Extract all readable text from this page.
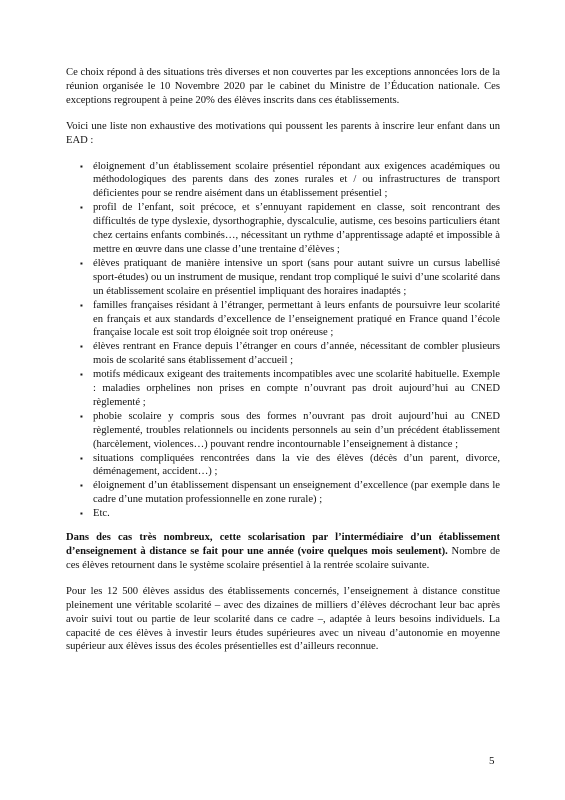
Ce choix répond à des situations très diverses et non couvertes par les exceptions annoncées lors de la réunion organisée le 10 Novembre 2020 par le cabinet du Ministre de l’Éducation nationale. Ces exceptions regroupent à peine 20% des élèves inscrits dans ces établissements.

Voici une liste non exhaustive des motivations qui poussent les parents à inscrire leur enfant dans un EAD :

▪ éloignement d’un établissement scolaire présentiel répondant aux exigences académiques ou méthodologiques des parents dans des zones rurales et / ou infrastructures de transport déficientes pour se rendre aisément dans un établissement présentiel ;
▪ profil de l’enfant, soit précoce, et s’ennuyant rapidement en classe, soit rencontrant des difficultés de type dyslexie, dysorthographie, dyscalculie, autisme, ces besoins particuliers étant chez certains enfants combinés…, nécessitant un rythme d’apprentissage adapté et impossible à mettre en œuvre dans une classe d’une trentaine d’élèves ;
▪ élèves pratiquant de manière intensive un sport (sans pour autant suivre un cursus labellisé sport-études) ou un instrument de musique, rendant trop compliqué le suivi d’une scolarité dans un établissement scolaire en présentiel impliquant des horaires inadaptés ;
▪ familles françaises résidant à l’étranger, permettant à leurs enfants de poursuivre leur scolarité en français et aux standards d’excellence de l’enseignement pratiqué en France quand l’école française locale est soit trop éloignée soit trop onéreuse ;
▪ élèves rentrant en France depuis l’étranger en cours d’année, nécessitant de combler plusieurs mois de scolarité sans établissement d’accueil ;
▪ motifs médicaux exigeant des traitements incompatibles avec une scolarité habituelle. Exemple : maladies orphelines non prises en compte n’ouvrant pas droit aujourd’hui au CNED règlementé ;
▪ phobie scolaire y compris sous des formes n’ouvrant pas droit aujourd’hui au CNED règlementé, troubles relationnels ou incidents personnels au sein d’un précédent établissement (harcèlement, violences…) pouvant rendre incontournable l’enseignement à distance ;
▪ situations compliquées rencontrées dans la vie des élèves (décès d’un parent, divorce, déménagement, accident…) ;
▪ éloignement d’un établissement dispensant un enseignement d’excellence (par exemple dans le cadre d’une mutation professionnelle en zone rurale) ;
▪ Etc.

Dans des cas très nombreux, cette scolarisation par l’intermédiaire d’un établissement d’enseignement à distance se fait pour une année (voire quelques mois seulement). Nombre de ces élèves retournent dans le système scolaire présentiel à la rentrée scolaire suivante.

Pour les 12 500 élèves assidus des établissements concernés, l’enseignement à distance constitue pleinement une véritable scolarité – avec des dizaines de milliers d’élèves décrochant leur bac après avoir suivi tout ou partie de leur scolarité dans ce cadre –, adaptée à leurs besoins individuels. La capacité de ces élèves à investir leurs études supérieures avec un niveau d’autonomie en moyenne supérieur aux élèves issus des écoles présentielles est d’ailleurs reconnue.

5
